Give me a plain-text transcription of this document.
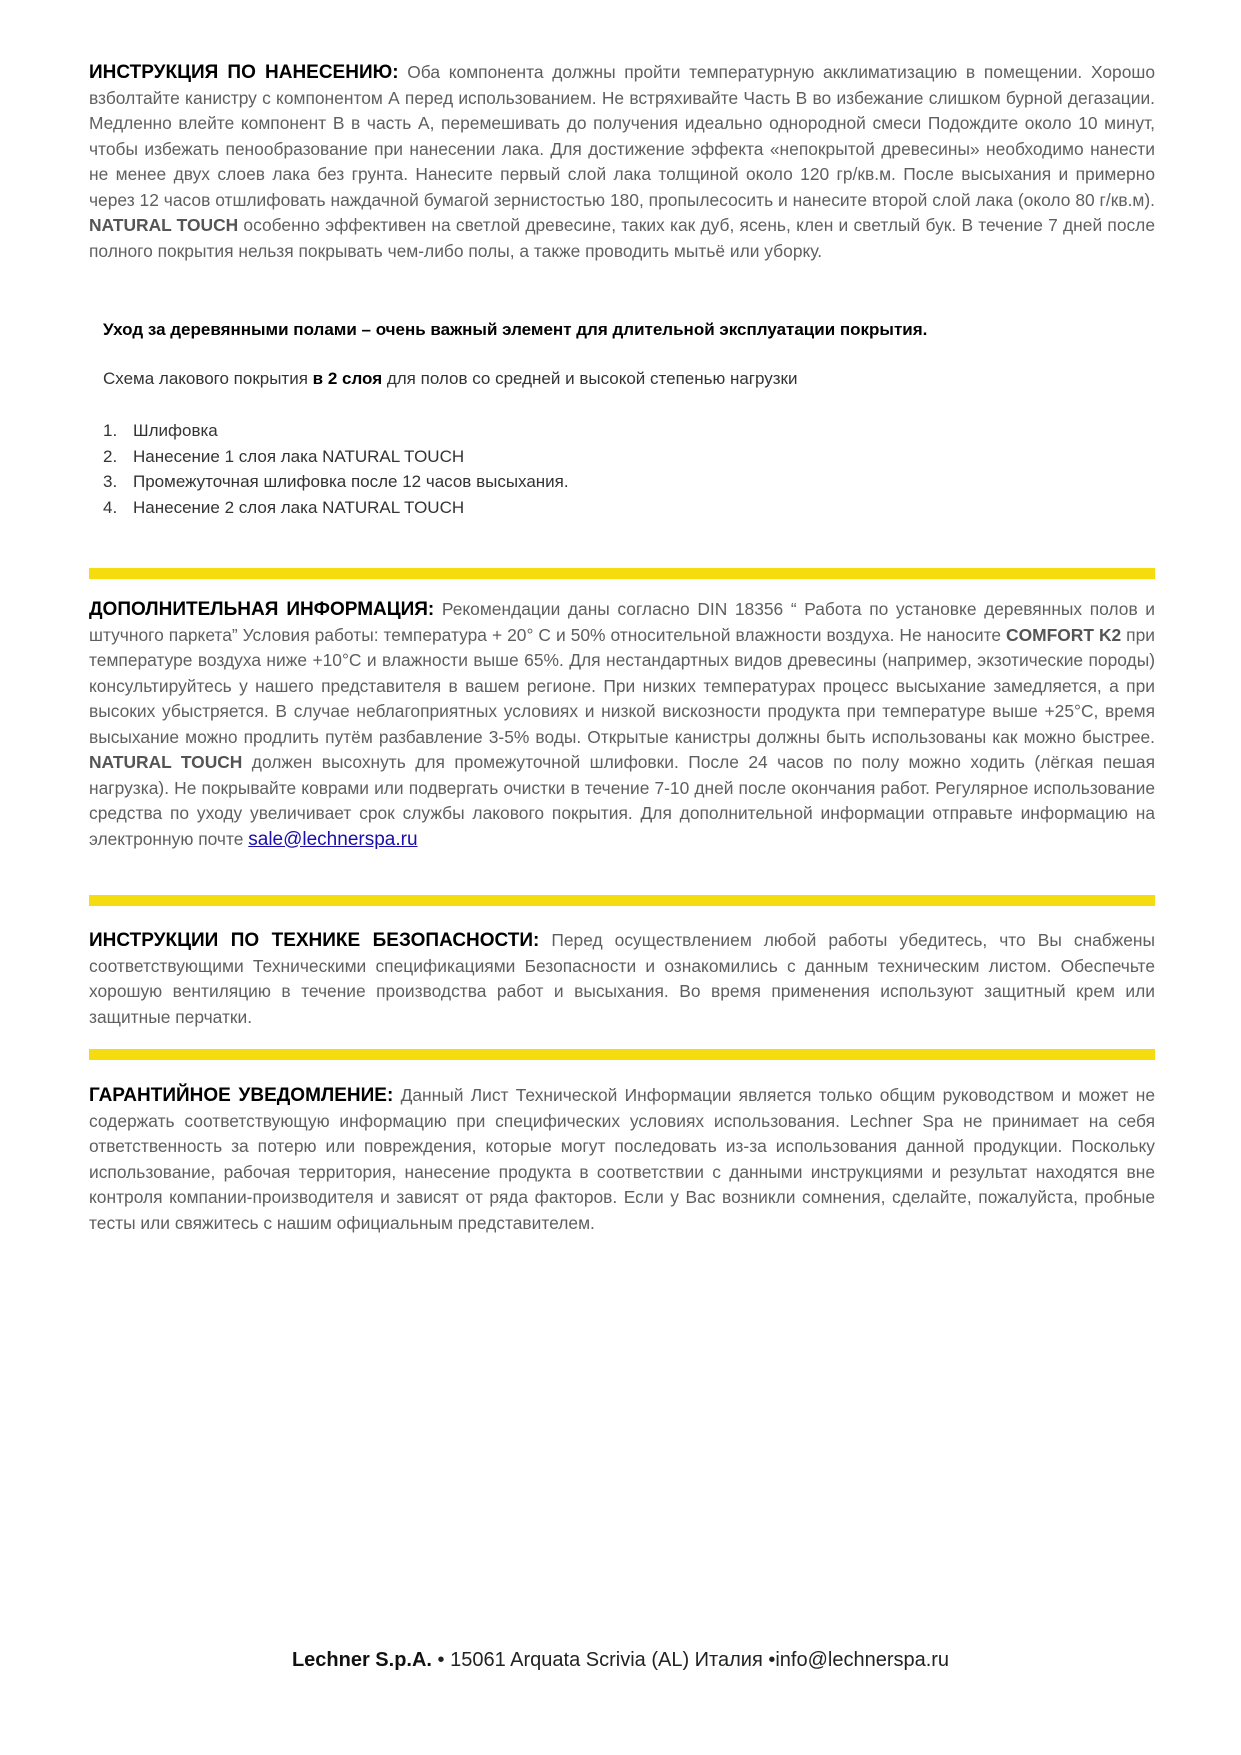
ИНСТРУКЦИЯ ПО НАНЕСЕНИЮ: Оба компонента должны пройти температурную акклиматизацию в помещении. Хорошо взболтайте канистру с компонентом А перед использованием. Не встряхивайте Часть В во избежание слишком бурной дегазации. Медленно влейте компонент В в часть А, перемешивать до получения идеально однородной смеси Подождите около 10 минут, чтобы избежать пенообразование при нанесении лака. Для достижение эффекта «непокрытой древесины» необходимо нанести не менее двух слоев лака без грунта. Нанесите первый слой лака толщиной около 120 гр/кв.м. После высыхания и примерно через 12 часов отшлифовать наждачной бумагой зернистостью 180, пропылесосить и нанесите второй слой лака (около 80 г/кв.м). NATURAL TOUCH особенно эффективен на светлой древесине, таких как дуб, ясень, клен и светлый бук. В течение 7 дней после полного покрытия нельзя покрывать чем-либо полы, а также проводить мытьё или уборку.

Уход за деревянными полами – очень важный элемент для длительной эксплуатации покрытия.

Схема лакового покрытия в 2 слоя для полов со средней и высокой степенью нагрузки

1. Шлифовка
2. Нанесение 1 слоя лака NATURAL TOUCH
3. Промежуточная шлифовка после 12 часов высыхания.
4. Нанесение 2 слоя лака NATURAL TOUCH

ДОПОЛНИТЕЛЬНАЯ ИНФОРМАЦИЯ: Рекомендации даны согласно DIN 18356 “ Работа по установке деревянных полов и штучного паркета” Условия работы: температура + 20° C и 50% относительной влажности воздуха. Не наносите COMFORT K2 при температуре воздуха ниже +10°C и влажности выше 65%. Для нестандартных видов древесины (например, экзотические породы) консультируйтесь у нашего представителя в вашем регионе. При низких температурах процесс высыхание замедляется, а при высоких убыстряется. В случае неблагоприятных условиях и низкой вискозности продукта при температуре выше +25°C, время высыхание можно продлить путём разбавление 3-5% воды. Открытые канистры должны быть использованы как можно быстрее. NATURAL TOUCH должен высохнуть для промежуточной шлифовки. После 24 часов по полу можно ходить (лёгкая пешая нагрузка). Не покрывайте коврами или подвергать очистки в течение 7-10 дней после окончания работ. Регулярное использование средства по уходу увеличивает срок службы лакового покрытия. Для дополнительной информации отправьте информацию на электронную почте sale@lechnerspa.ru

ИНСТРУКЦИИ ПО ТЕХНИКЕ БЕЗОПАСНОСТИ: Перед осуществлением любой работы убедитесь, что Вы снабжены соответствующими Техническими спецификациями Безопасности и ознакомились с данным техническим листом. Обеспечьте хорошую вентиляцию в течение производства работ и высыхания. Во время применения используют защитный крем или защитные перчатки.

ГАРАНТИЙНОЕ УВЕДОМЛЕНИЕ: Данный Лист Технической Информации является только общим руководством и может не содержать соответствующую информацию при специфических условиях использования. Lechner Spa не принимает на себя ответственность за потерю или повреждения, которые могут последовать из-за использования данной продукции. Поскольку использование, рабочая территория, нанесение продукта в соответствии с данными инструкциями и результат находятся вне контроля компании-производителя и зависят от ряда факторов. Если у Вас возникли сомнения, сделайте, пожалуйста, пробные тесты или свяжитесь с нашим официальным представителем.

Lechner S.p.A. • 15061 Arquata Scrivia (AL) Италия •info@lechnerspa.ru
